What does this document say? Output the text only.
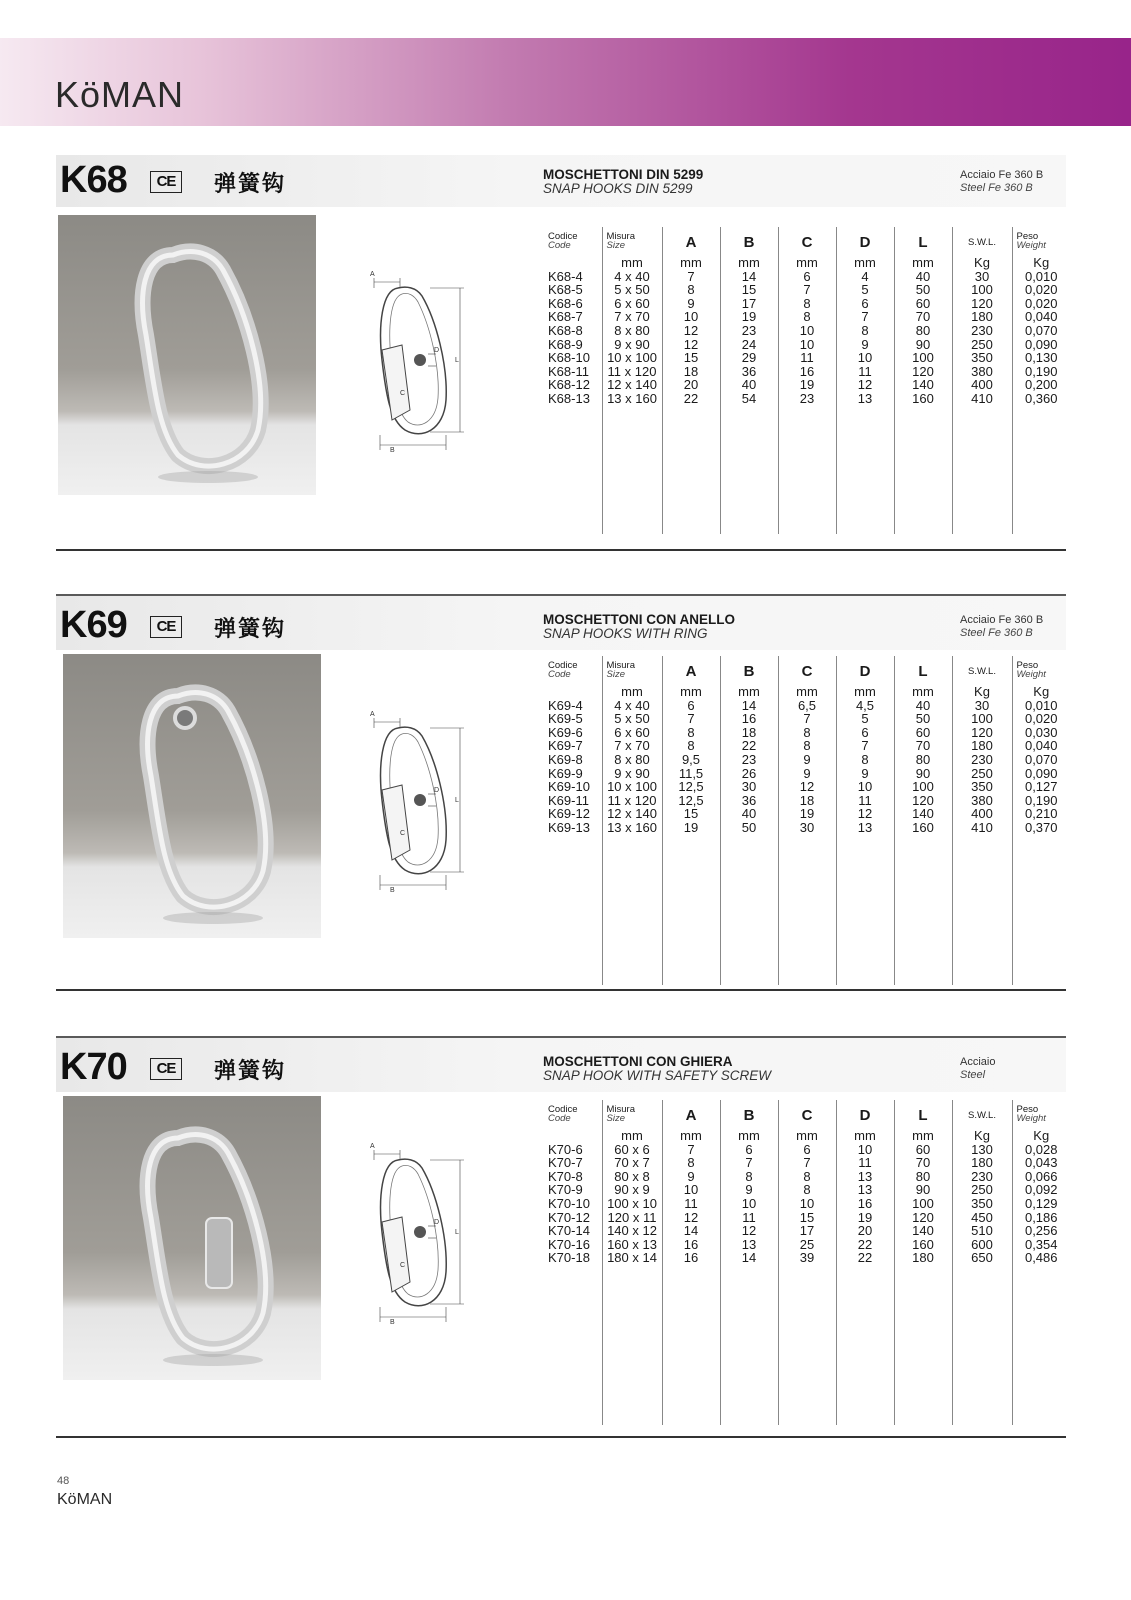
KöMAN
K68	CE 弹簧钩	MOSCHETTONI DIN 5299
SNAP HOOKS DIN 5299
Acciaio Fe 360 B
Steel Fe 360 B
A
L
D
C
B
Codice
Code	Misura
Size	A	B	C	D	L	S.W.L.	Peso
Weight
	mm	mm	mm	mm	mm	mm	Kg	Kg
K68-4	4 x 40	7	14	6	4	40	30	0,010
K68-5	5 x 50	8	15	7	5	50	100	0,020
K68-6	6 x 60	9	17	8	6	60	120	0,020
K68-7	7 x 70	10	19	8	7	70	180	0,040
K68-8	8 x 80	12	23	10	8	80	230	0,070
K68-9	9 x 90	12	24	10	9	90	250	0,090
K68-10	10 x 100	15	29	11	10	100	350	0,130
K68-11	11 x 120	18	36	16	11	120	380	0,190
K68-12	12 x 140	20	40	19	12	140	400	0,200
K68-13	13 x 160	22	54	23	13	160	410	0,360

K69	CE 弹簧钩	MOSCHETTONI CON ANELLO
SNAP HOOKS WITH RING
Acciaio Fe 360 B
Steel Fe 360 B
A
L
D
C
B
Codice
Code	Misura
Size	A	B	C	D	L	S.W.L.	Peso
Weight
	mm	mm	mm	mm	mm	mm	Kg	Kg
K69-4	4 x 40	6	14	6,5	4,5	40	30	0,010
K69-5	5 x 50	7	16	7	5	50	100	0,020
K69-6	6 x 60	8	18	8	6	60	120	0,030
K69-7	7 x 70	8	22	8	7	70	180	0,040
K69-8	8 x 80	9,5	23	9	8	80	230	0,070
K69-9	9 x 90	11,5	26	9	9	90	250	0,090
K69-10	10 x 100	12,5	30	12	10	100	350	0,127
K69-11	11 x 120	12,5	36	18	11	120	380	0,190
K69-12	12 x 140	15	40	19	12	140	400	0,210
K69-13	13 x 160	19	50	30	13	160	410	0,370

K70	CE 弹簧钩	MOSCHETTONI CON GHIERA
SNAP HOOK WITH SAFETY SCREW
Acciaio
Steel
A
L
D
C
B
Codice
Code	Misura
Size	A	B	C	D	L	S.W.L.	Peso
Weight
	mm	mm	mm	mm	mm	mm	Kg	Kg
K70-6	60 x 6	7	6	6	10	60	130	0,028
K70-7	70 x 7	8	7	7	11	70	180	0,043
K70-8	80 x 8	9	8	8	13	80	230	0,066
K70-9	90 x 9	10	9	8	13	90	250	0,092
K70-10	100 x 10	11	10	10	16	100	350	0,129
K70-12	120 x 11	12	11	15	19	120	450	0,186
K70-14	140 x 12	14	12	17	20	140	510	0,256
K70-16	160 x 13	16	13	25	22	160	600	0,354
K70-18	180 x 14	16	14	39	22	180	650	0,486

48
KöMAN
